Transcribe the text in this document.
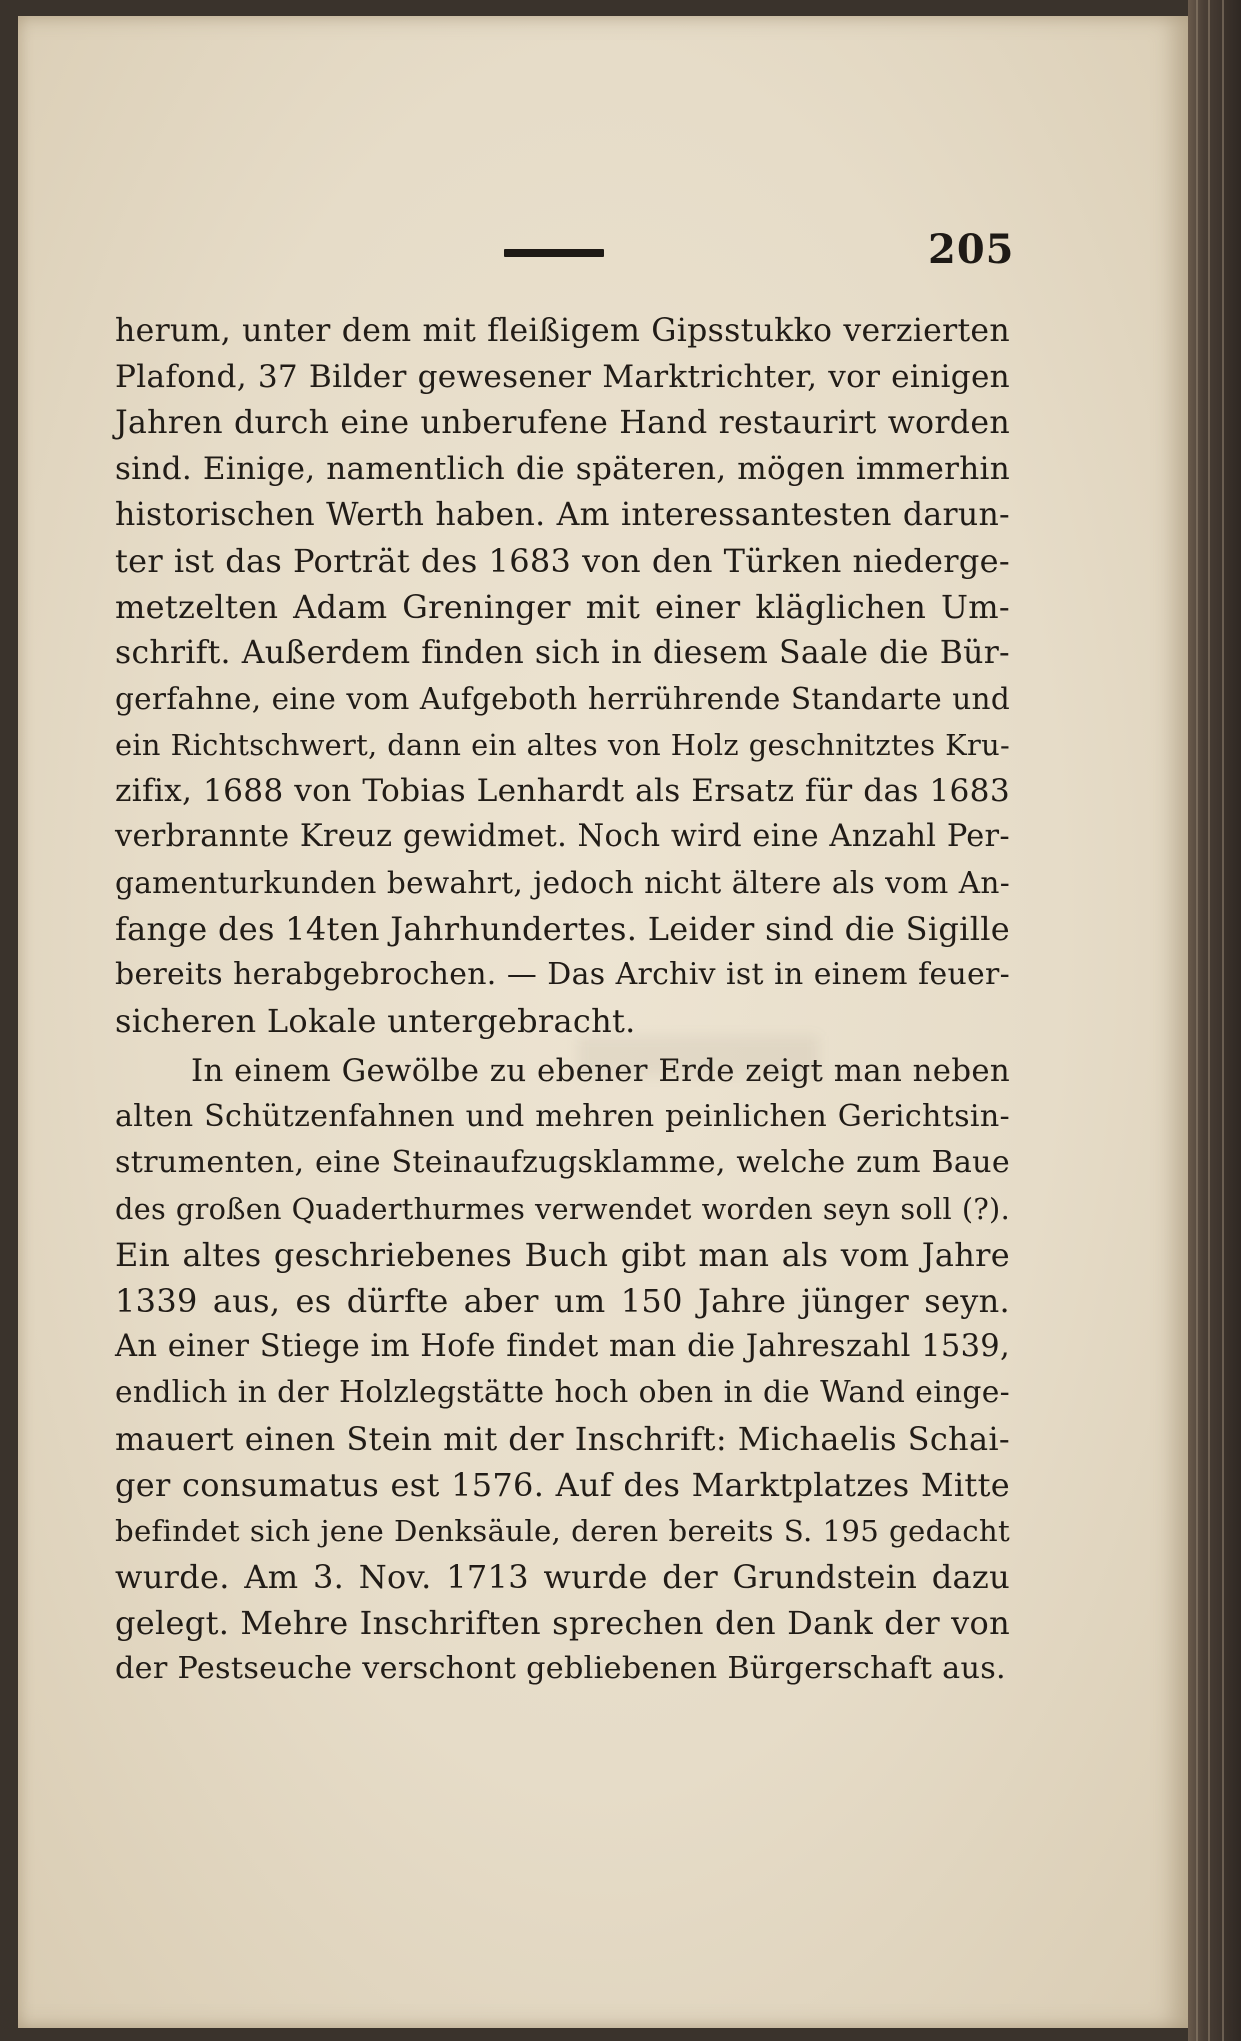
205
herum, unter dem mit fleißigem Gipsstukko verzierten
Plafond, 37 Bilder gewesener Marktrichter, vor einigen
Jahren durch eine unberufene Hand restaurirt worden
sind. Einige, namentlich die späteren, mögen immerhin
historischen Werth haben. Am interessantesten darun-
ter ist das Porträt des 1683 von den Türken niederge-
metzelten Adam Greninger mit einer kläglichen Um-
schrift. Außerdem finden sich in diesem Saale die Bür-
gerfahne, eine vom Aufgeboth herrührende Standarte und
ein Richtschwert, dann ein altes von Holz geschnitztes Kru-
zifix, 1688 von Tobias Lenhardt als Ersatz für das 1683
verbrannte Kreuz gewidmet. Noch wird eine Anzahl Per-
gamenturkunden bewahrt, jedoch nicht ältere als vom An-
fange des 14ten Jahrhundertes. Leider sind die Sigille
bereits herabgebrochen. — Das Archiv ist in einem feuer-
sicheren Lokale untergebracht.
In einem Gewölbe zu ebener Erde zeigt man neben
alten Schützenfahnen und mehren peinlichen Gerichtsin-
strumenten, eine Steinaufzugsklamme, welche zum Baue
des großen Quaderthurmes verwendet worden seyn soll (?).
Ein altes geschriebenes Buch gibt man als vom Jahre
1339 aus, es dürfte aber um 150 Jahre jünger seyn.
An einer Stiege im Hofe findet man die Jahreszahl 1539,
endlich in der Holzlegstätte hoch oben in die Wand einge-
mauert einen Stein mit der Inschrift: Michaelis Schai-
ger consumatus est 1576. Auf des Marktplatzes Mitte
befindet sich jene Denksäule, deren bereits S. 195 gedacht
wurde. Am 3. Nov. 1713 wurde der Grundstein dazu
gelegt. Mehre Inschriften sprechen den Dank der von
der Pestseuche verschont gebliebenen Bürgerschaft aus.
